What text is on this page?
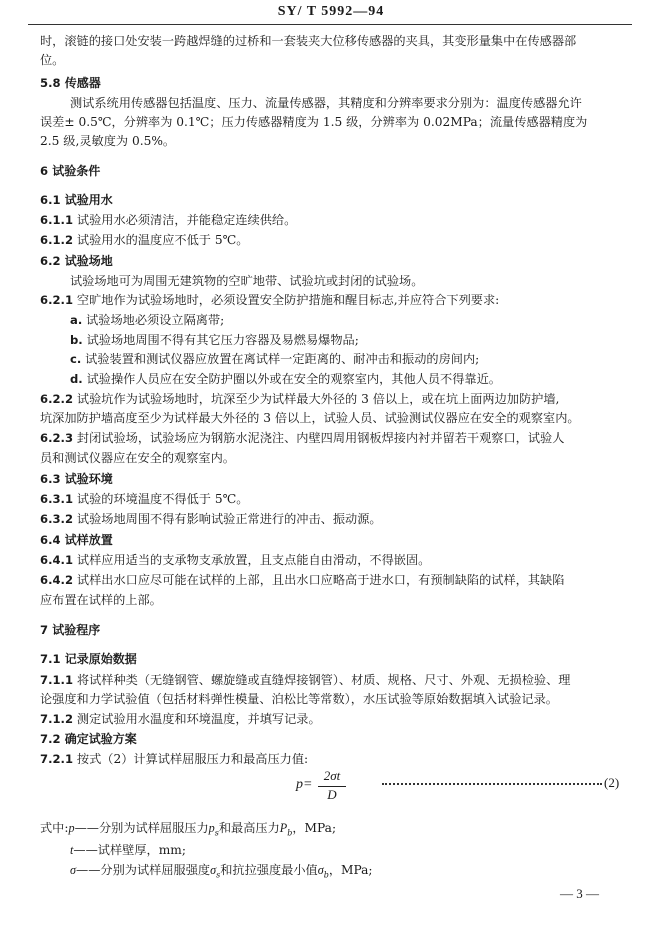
SY/ T 5992—94
时，滚链的接口处安装一跨越焊缝的过桥和一套装夹大位移传感器的夹具，其变形量集中在传感器部
位。
5.8 传感器
测试系统用传感器包括温度、压力、流量传感器，其精度和分辨率要求分别为：温度传感器允许
误差± 0.5℃，分辨率为 0.1℃；压力传感器精度为 1.5 级，分辨率为 0.02MPa；流量传感器精度为
2.5 级,灵敏度为 0.5%。
6 试验条件
6.1 试验用水
6.1.1 试验用水必须清洁，并能稳定连续供给。
6.1.2 试验用水的温度应不低于 5℃。
6.2 试验场地
试验场地可为周围无建筑物的空旷地带、试验坑或封闭的试验场。
6.2.1 空旷地作为试验场地时，必须设置安全防护措施和醒目标志,并应符合下列要求:
a. 试验场地必须设立隔离带;
b. 试验场地周围不得有其它压力容器及易燃易爆物品;
c. 试验装置和测试仪器应放置在离试样一定距离的、耐冲击和振动的房间内;
d. 试验操作人员应在安全防护圈以外或在安全的观察室内，其他人员不得靠近。
6.2.2 试验坑作为试验场地时，坑深至少为试样最大外径的 3 倍以上，或在坑上面两边加防护墙,
坑深加防护墙高度至少为试样最大外径的 3 倍以上，试验人员、试验测试仪器应在安全的观察室内。
6.2.3 封闭试验场，试验场应为钢筋水泥浇注、内壁四周用钢板焊接内衬并留若干观察口，试验人
员和测试仪器应在安全的观察室内。
6.3 试验环境
6.3.1 试验的环境温度不得低于 5℃。
6.3.2 试验场地周围不得有影响试验正常进行的冲击、振动源。
6.4 试样放置
6.4.1 试样应用适当的支承物支承放置，且支点能自由滑动，不得嵌固。
6.4.2 试样出水口应尽可能在试样的上部，且出水口应略高于进水口，有预制缺陷的试样，其缺陷
应布置在试样的上部。
7 试验程序
7.1 记录原始数据
7.1.1 将试样种类（无缝钢管、螺旋缝或直缝焊接钢管）、材质、规格、尺寸、外观、无损检验、理
论强度和力学试验值（包括材料弹性模量、泊松比等常数），水压试验等原始数据填入试验记录。
7.1.2 测定试验用水温度和环境温度，并填写记录。
7.2 确定试验方案
7.2.1 按式（2）计算试样屈服压力和最高压力值:
p=
2σt
D
(2)
式中:p——分别为试样屈服压力$p_s$和最高压力$P_b$，MPa;
t——试样壁厚，mm;
σ——分别为试样屈服强度$\sigma_s$和抗拉强度最小值$\sigma_b$，MPa;
— 3 —
